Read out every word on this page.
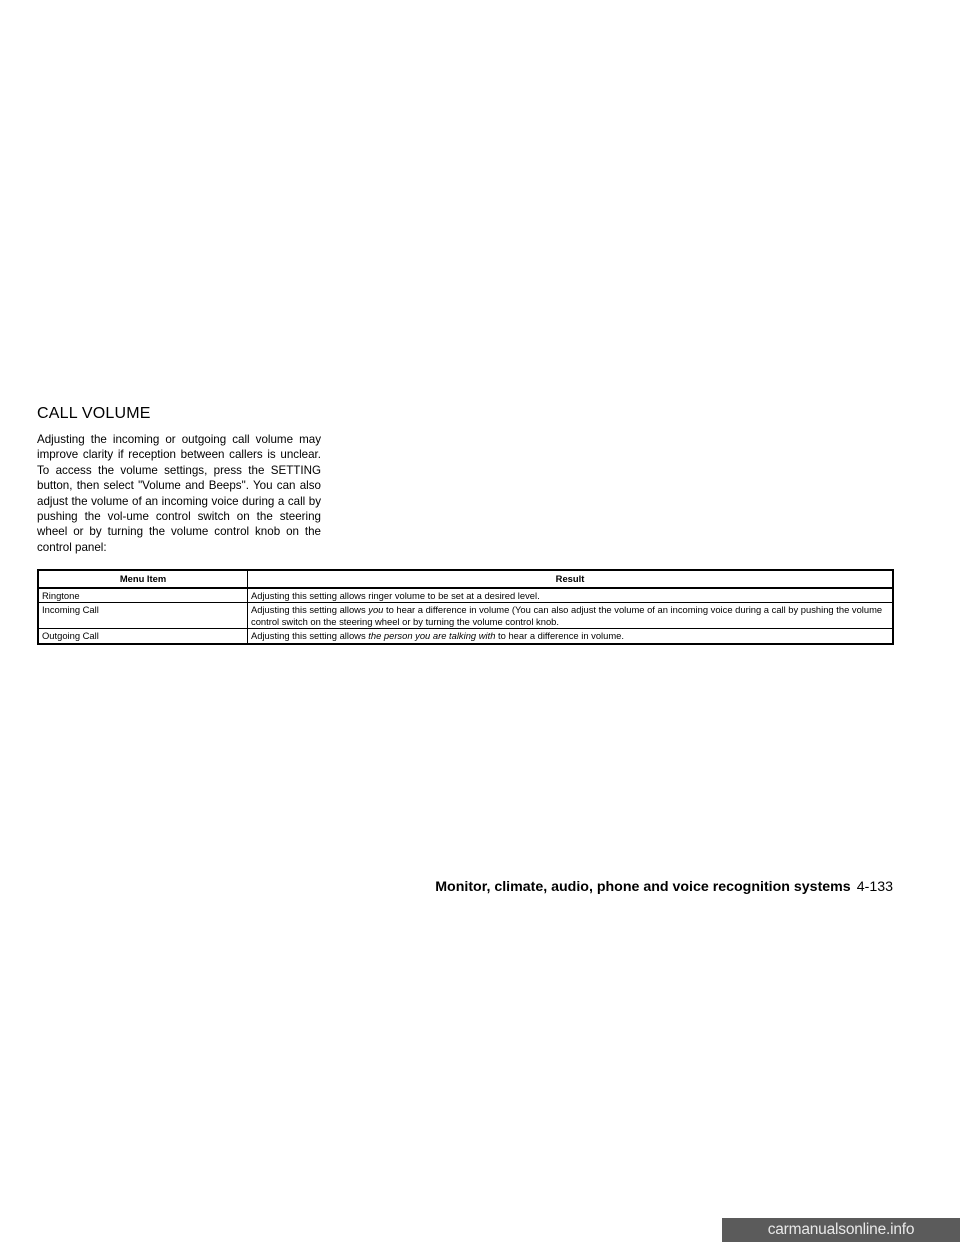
CALL VOLUME

Adjusting the incoming or outgoing call volume may improve clarity if reception between callers is unclear. To access the volume settings, press the SETTING button, then select "Volume and Beeps". You can also adjust the volume of an incoming voice during a call by pushing the vol-ume control switch on the steering wheel or by turning the volume control knob on the control panel:

Menu Item	Result
Ringtone	Adjusting this setting allows ringer volume to be set at a desired level.
Incoming Call	Adjusting this setting allows you to hear a difference in volume (You can also adjust the volume of an incoming voice during a call by pushing the volume control switch on the steering wheel or by turning the volume control knob.
Outgoing Call	Adjusting this setting allows the person you are talking with to hear a difference in volume.

Monitor, climate, audio, phone and voice recognition systems 4-133

carmanualsonline.info
